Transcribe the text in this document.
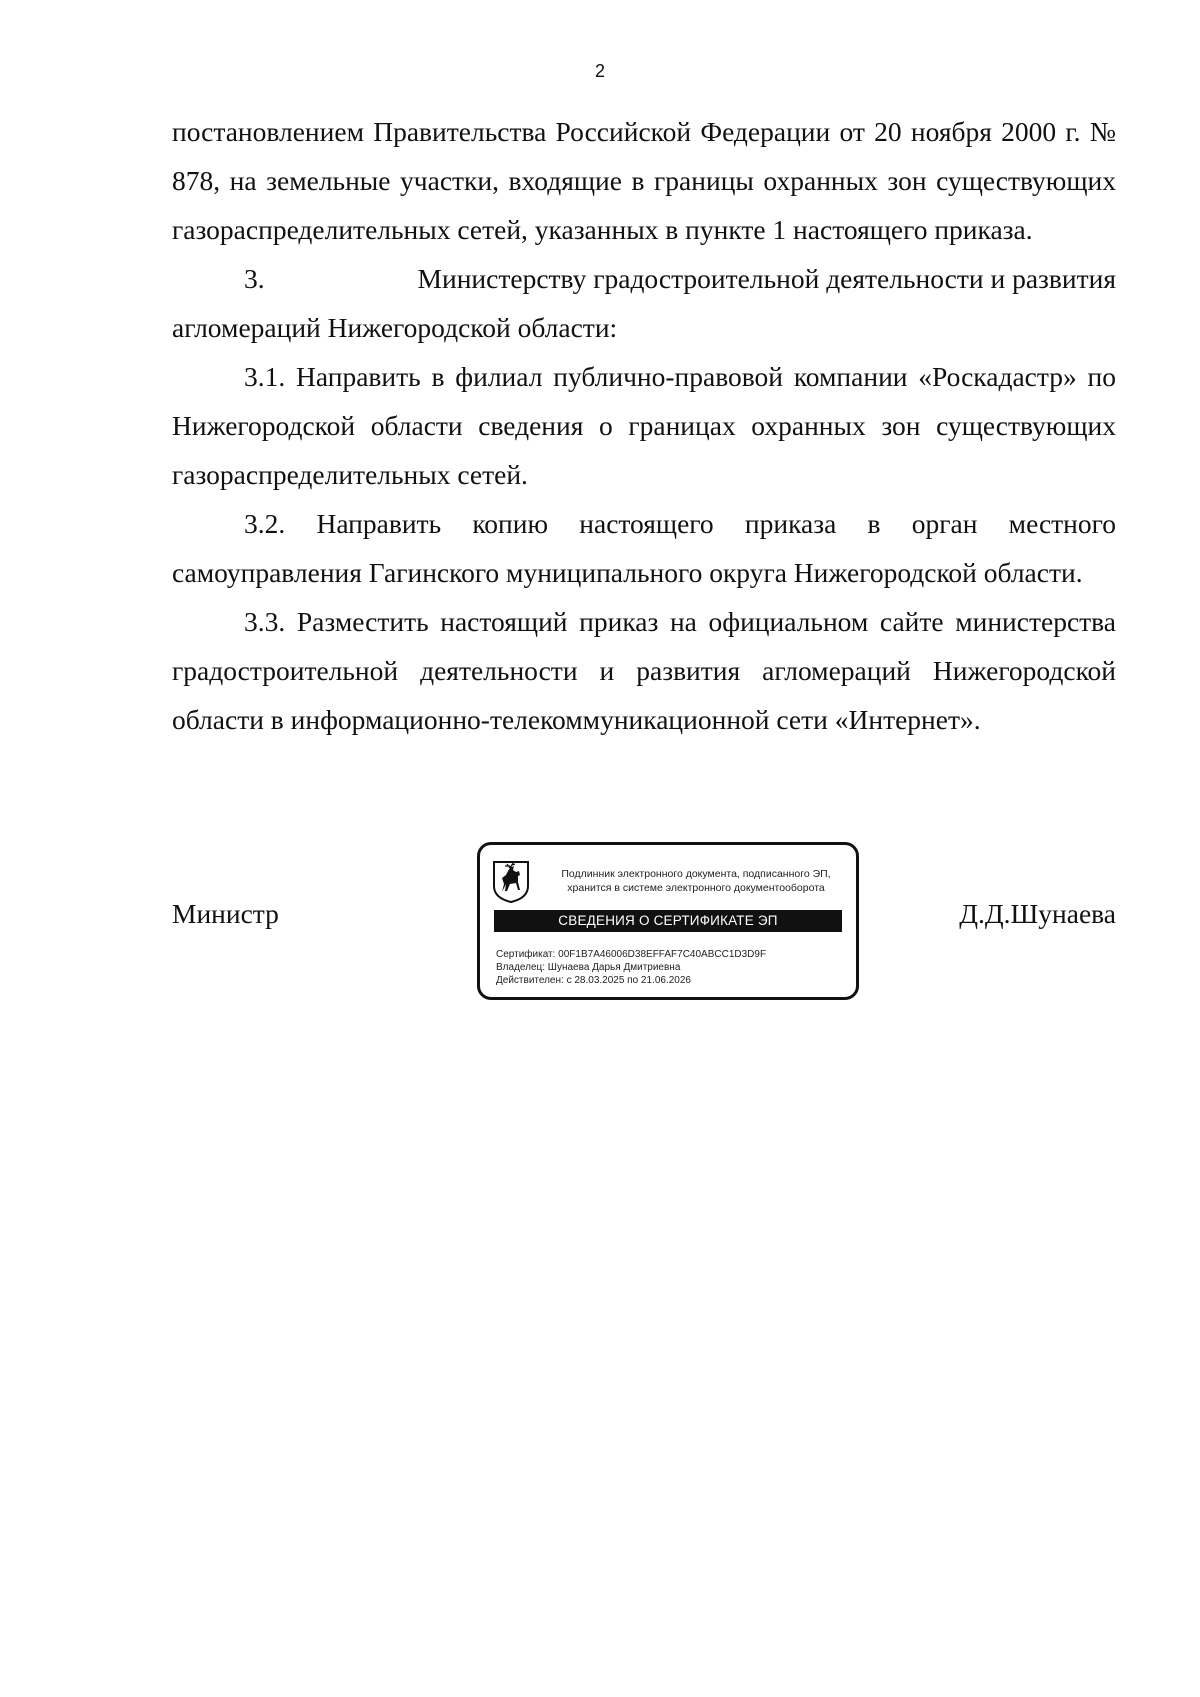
2

постановлением Правительства Российской Федерации от 20 ноября 2000 г. № 878, на земельные участки, входящие в границы охранных зон существующих газораспределительных сетей, указанных в пункте 1 настоящего приказа.

3.	Министерству градостроительной деятельности и развития

агломераций Нижегородской области:

3.1. Направить в филиал публично-правовой компании «Роскадастр» по Нижегородской области сведения о границах охранных зон существующих газораспределительных сетей.

3.2. Направить копию настоящего приказа в орган местного самоуправления Гагинского муниципального округа Нижегородской области.

3.3. Разместить настоящий приказ на официальном сайте министерства градостроительной деятельности и развития агломераций Нижегородской области в информационно-телекоммуникационной сети «Интернет».

Министр
Подлинник электронного документа, подписанного ЭП,
хранится в системе электронного документооборота
СВЕДЕНИЯ О СЕРТИФИКАТЕ ЭП
Сертификат: 00F1B7A46006D38EFFAF7C40ABCC1D3D9F
Владелец: Шунаева Дарья Дмитриевна
Действителен: с 28.03.2025 по 21.06.2026
Д.Д.Шунаева
